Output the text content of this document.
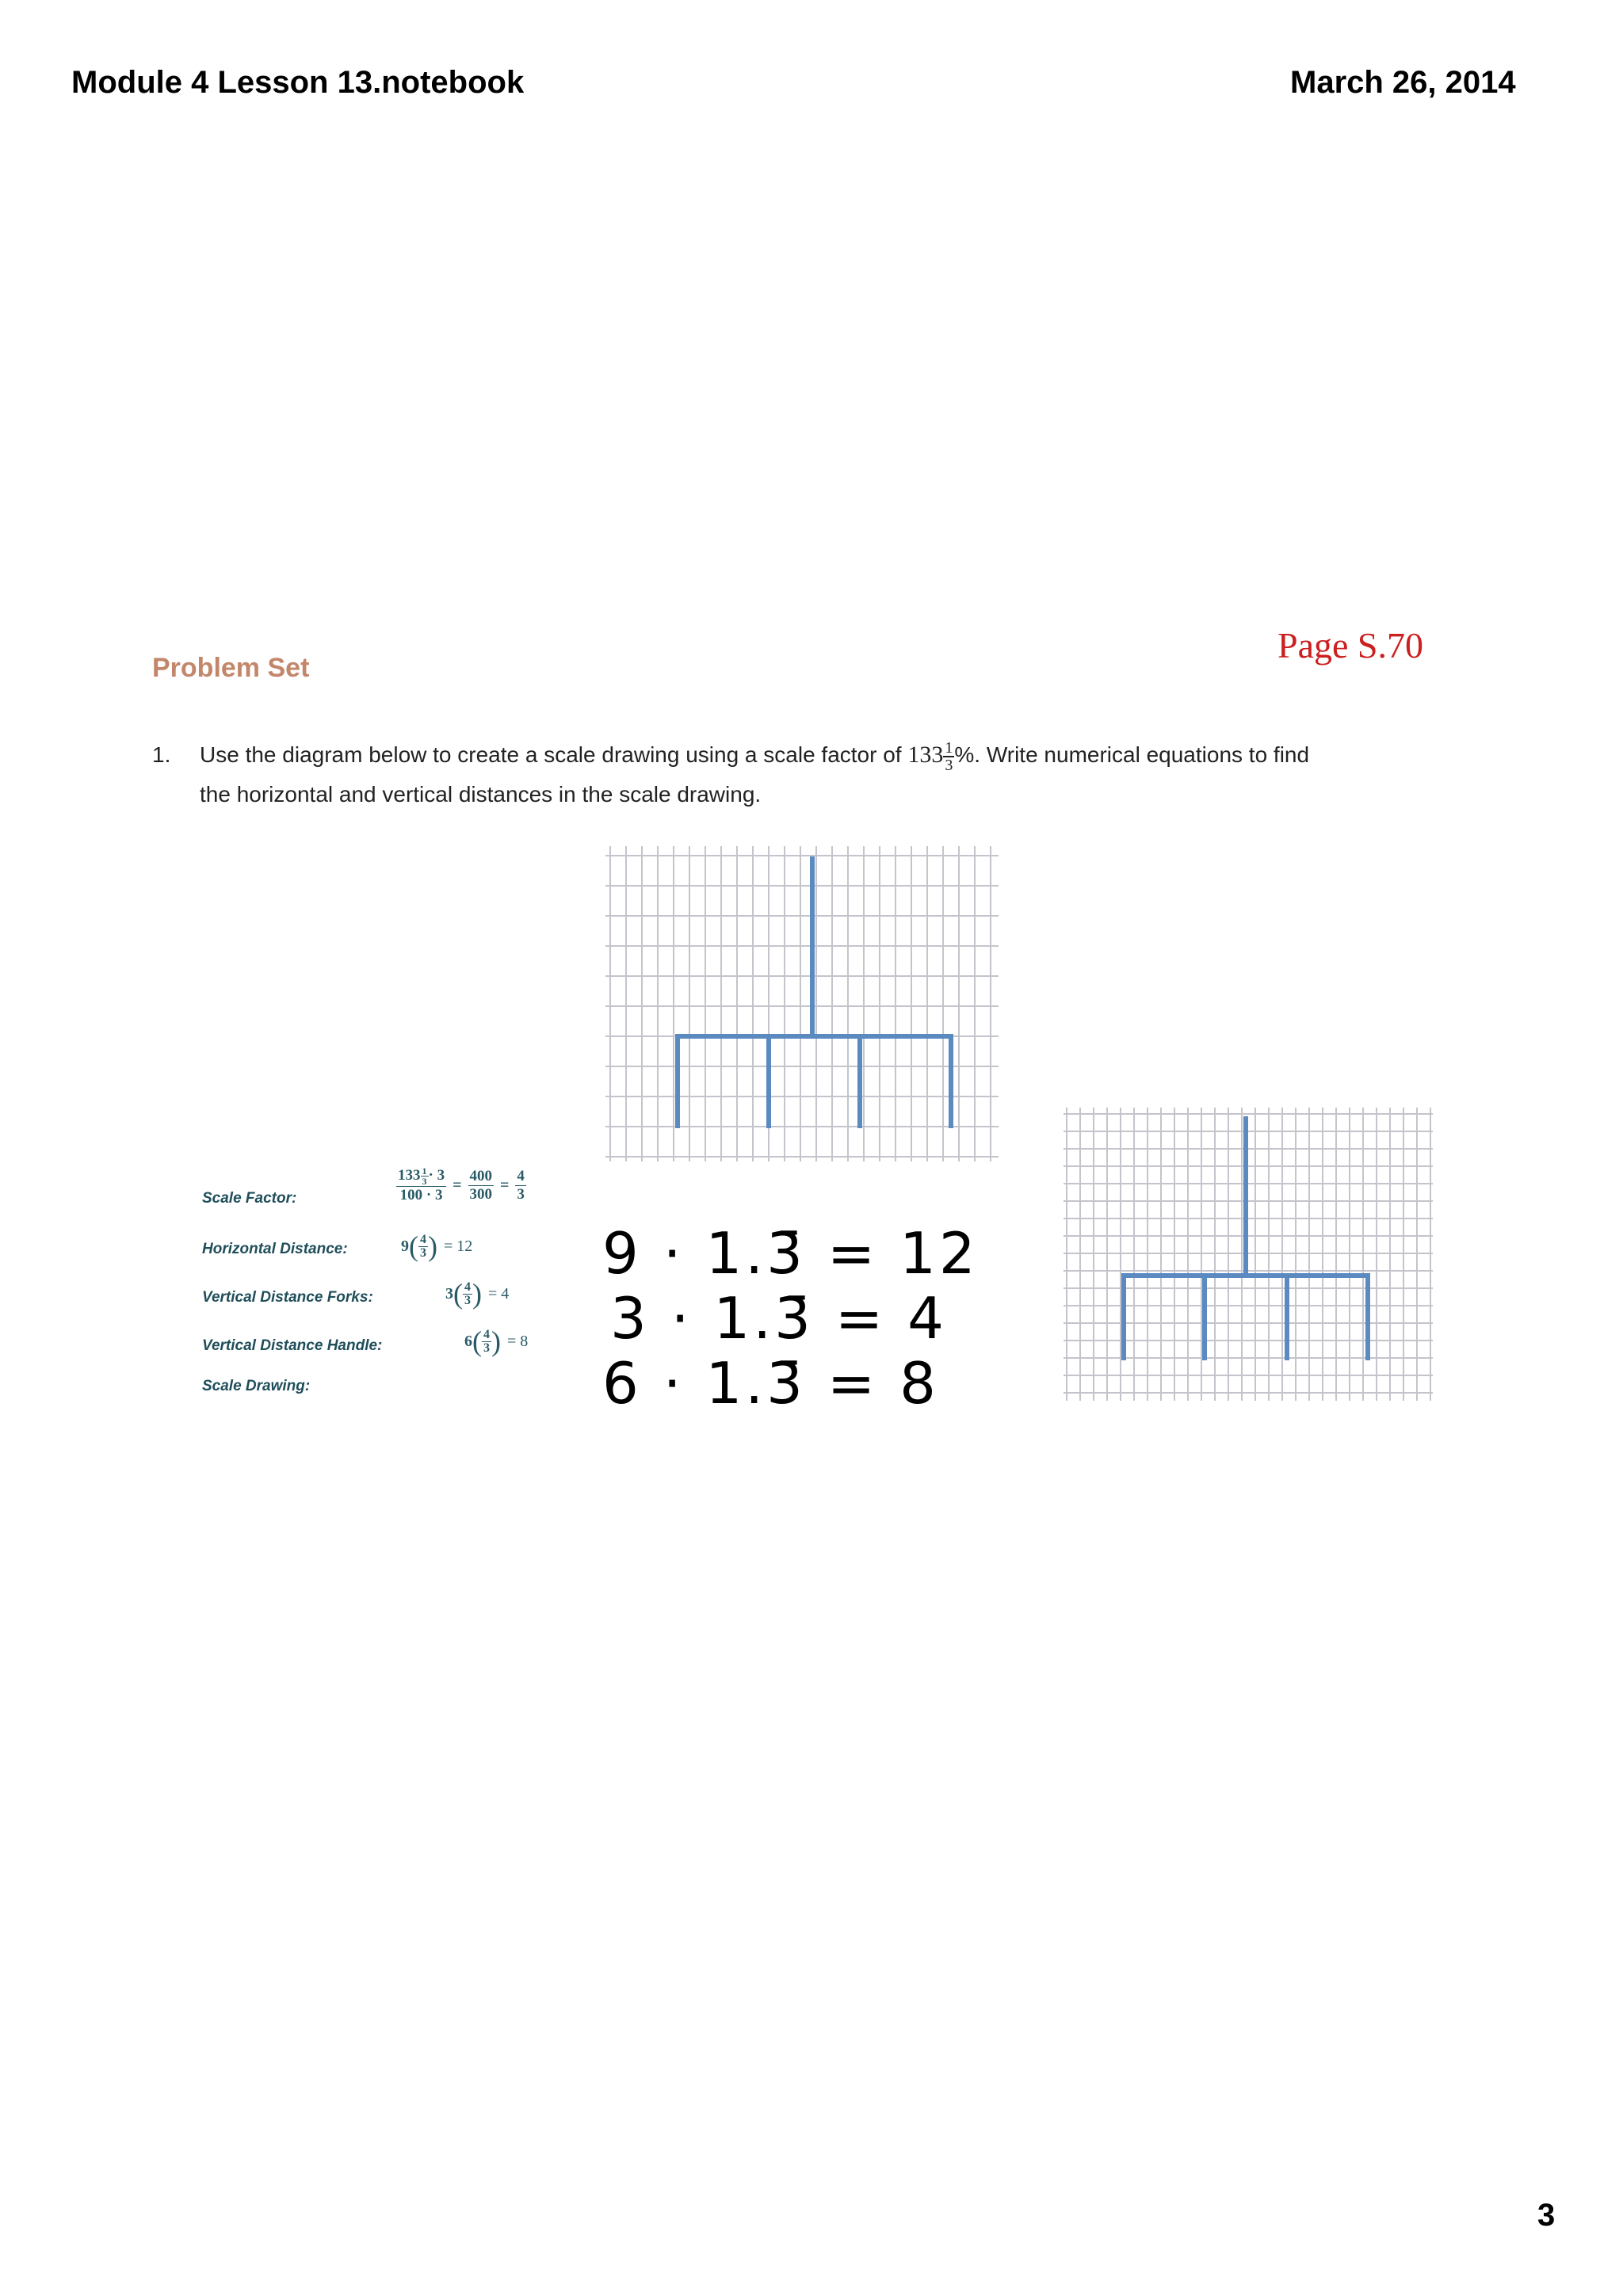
Module 4 Lesson 13.notebook	March 26, 2014
Page S.70
Problem Set
1. Use the diagram below to create a scale drawing using a scale factor of $133 \frac{1}{3}$ %. Write numerical equations to find
the horizontal and vertical distances in the scale drawing.
Scale Factor:
Horizontal Distance:
Vertical Distance Forks:
Vertical Distance Handle:
Scale Drawing:
$\frac{133 \frac{1}{3} \cdot 3}{100 \cdot 3} = \frac{400}{300} = \frac{4}{3}$
9 ( $\frac{4}{3}$ ) = 12
3 ( $\frac{4}{3}$ ) = 4
6 ( $\frac{4}{3}$ ) = 8
9 · 1.3̄ = 12
3 · 1.3̄ = 4
6 · 1.3̄ = 8
3
